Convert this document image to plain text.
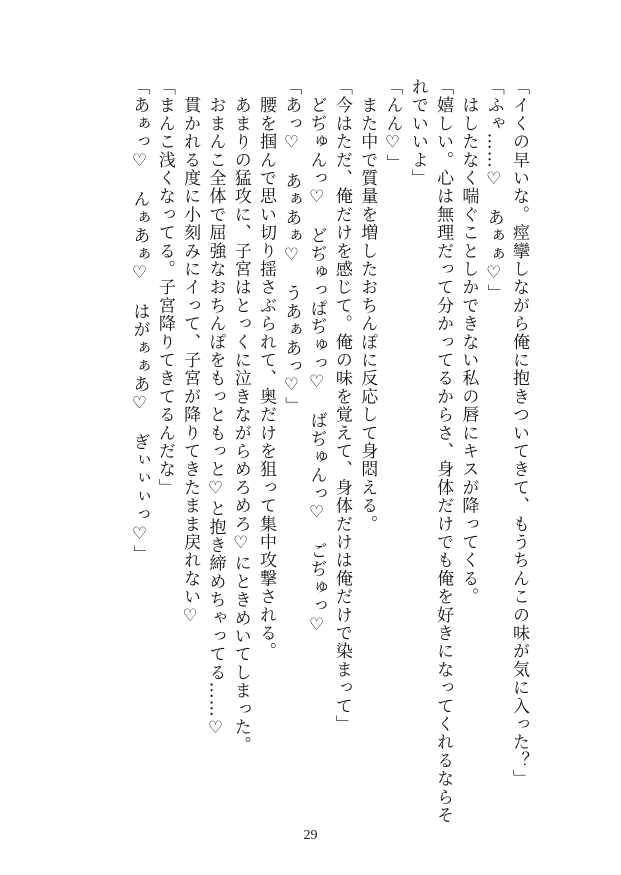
「イくの早いな。痙攣しながら俺に抱きついてきて、もうちんこの味が気に入った？」
「ふゃ……♡　あぁぁ♡」
　はしたなく喘ぐことしかできない私の唇にキスが降ってくる。
「嬉しい。心は無理だって分かってるからさ、身体だけでも俺を好きになってくれるならそ
れでいいよ」
「んん♡」
　また中で質量を増したおちんぽに反応して身悶える。
「今はただ、俺だけを感じて。俺の味を覚えて、身体だけは俺だけで染まって」
　どぢゅんっ♡　どぢゅっぱぢゅっ♡　ばぢゅんっ♡　ごぢゅっ♡
「あっ♡　あぁあぁ♡　うあぁあっ♡」
　腰を掴んで思い切り揺さぶられて、奥だけを狙って集中攻撃される。
　あまりの猛攻に、子宮はとっくに泣きながらめろめろ♡にときめいてしまった。
　おまんこ全体で屈強なおちんぽをもっともっと♡と抱き締めちゃってる……♡
　貫かれる度に小刻みにイって、子宮が降りてきたまま戻れない♡
「まんこ浅くなってる。子宮降りてきてるんだな」
「あぁっ♡　んぁあぁ♡　はがぁぁあ♡　ぎぃぃぃっ♡」
29
